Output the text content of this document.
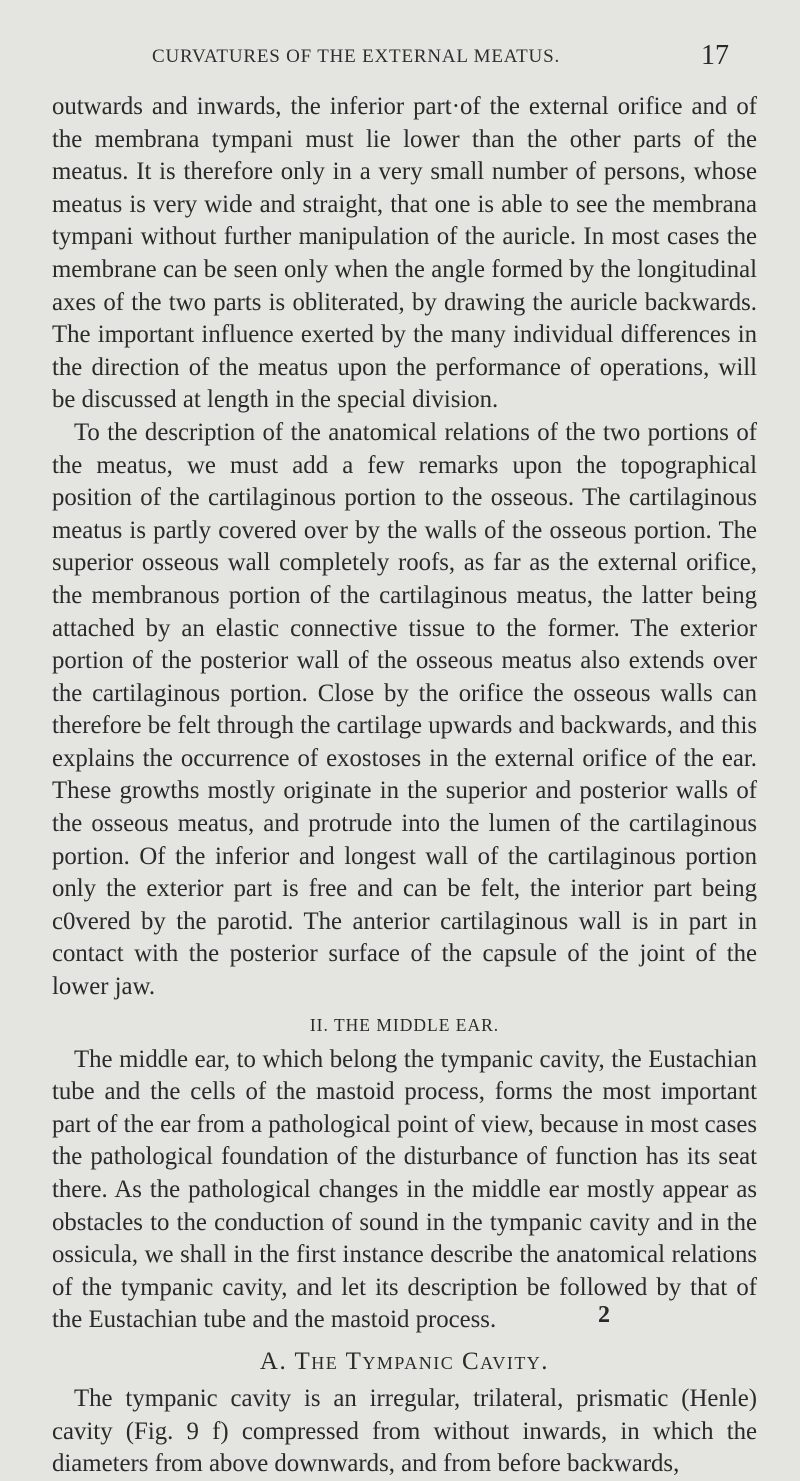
CURVATURES OF THE EXTERNAL MEATUS.	17

outwards and inwards, the inferior part·of the external orifice and of the membrana tympani must lie lower than the other parts of the meatus. It is therefore only in a very small number of persons, whose meatus is very wide and straight, that one is able to see the membrana tympani without further manipulation of the auricle. In most cases the membrane can be seen only when the angle formed by the longitudinal axes of the two parts is obliterated, by drawing the auricle backwards. The important influence exerted by the many individual differences in the direction of the meatus upon the performance of operations, will be discussed at length in the special division.

To the description of the anatomical relations of the two portions of the meatus, we must add a few remarks upon the topographical position of the cartilaginous portion to the osseous. The cartilaginous meatus is partly covered over by the walls of the osseous portion. The superior osseous wall completely roofs, as far as the external orifice, the membranous portion of the cartilaginous meatus, the latter being attached by an elastic connective tissue to the former. The exterior portion of the posterior wall of the osseous meatus also extends over the cartilaginous portion. Close by the orifice the osseous walls can therefore be felt through the cartilage upwards and backwards, and this explains the occurrence of exostoses in the external orifice of the ear. These growths mostly originate in the superior and posterior walls of the osseous meatus, and protrude into the lumen of the cartilaginous portion. Of the inferior and longest wall of the cartilaginous portion only the exterior part is free and can be felt, the interior part being c0vered by the parotid. The anterior cartilaginous wall is in part in contact with the posterior surface of the capsule of the joint of the lower jaw.

II. THE MIDDLE EAR.

The middle ear, to which belong the tympanic cavity, the Eustachian tube and the cells of the mastoid process, forms the most important part of the ear from a pathological point of view, because in most cases the pathological foundation of the disturbance of function has its seat there. As the pathological changes in the middle ear mostly appear as obstacles to the conduction of sound in the tympanic cavity and in the ossicula, we shall in the first instance describe the anatomical relations of the tympanic cavity, and let its description be followed by that of the Eustachian tube and the mastoid process.

A. The Tympanic Cavity.

The tympanic cavity is an irregular, trilateral, prismatic (Henle) cavity (Fig. 9 f) compressed from without inwards, in which the diameters from above downwards, and from before backwards,

2
